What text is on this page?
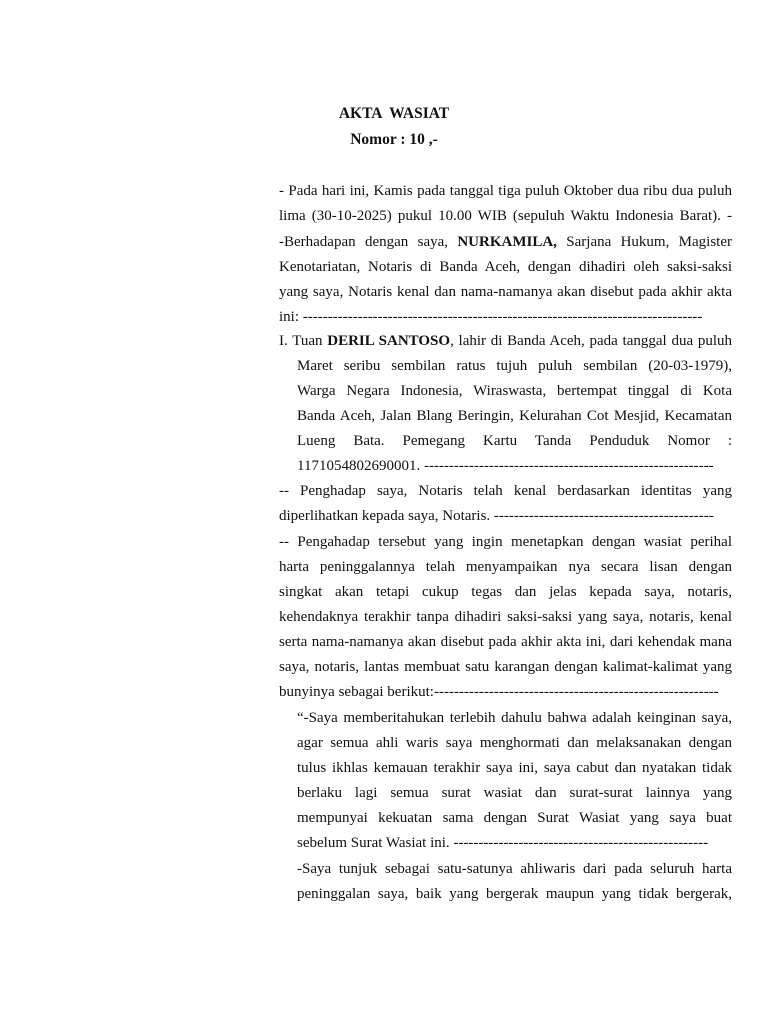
AKTA  WASIAT
Nomor : 10 ,-
- Pada hari ini, Kamis pada tanggal tiga puluh Oktober dua ribu dua puluh
lima (30-10-2025) pukul 10.00 WIB (sepuluh Waktu Indonesia Barat). -
-Berhadapan dengan saya, NURKAMILA, Sarjana Hukum, Magister
Kenotariatan, Notaris di Banda Aceh, dengan dihadiri oleh saksi-saksi
yang saya, Notaris kenal dan nama-namanya akan disebut pada akhir akta
ini: --------------------------------------------------------------------------------
I. Tuan DERIL SANTOSO, lahir di Banda Aceh, pada tanggal dua puluh
Maret seribu sembilan ratus tujuh puluh sembilan (20-03-1979),
Warga Negara Indonesia, Wiraswasta, bertempat tinggal di Kota
Banda Aceh, Jalan Blang Beringin, Kelurahan Cot Mesjid, Kecamatan
Lueng Bata. Pemegang Kartu Tanda Penduduk Nomor :
1171054802690001. ----------------------------------------------------------
-- Penghadap saya, Notaris telah kenal berdasarkan identitas yang
diperlihatkan kepada saya, Notaris. --------------------------------------------
-- Pengahadap tersebut yang ingin menetapkan dengan wasiat perihal
harta peninggalannya telah menyampaikan nya secara lisan dengan
singkat akan tetapi cukup tegas dan jelas kepada saya, notaris,
kehendaknya terakhir tanpa dihadiri saksi-saksi yang saya, notaris, kenal
serta nama-namanya akan disebut pada akhir akta ini, dari kehendak mana
saya, notaris, lantas membuat satu karangan dengan kalimat-kalimat yang
bunyinya sebagai berikut:---------------------------------------------------------
“-Saya memberitahukan terlebih dahulu bahwa adalah keinginan saya,
agar semua ahli waris saya menghormati dan melaksanakan dengan
tulus ikhlas kemauan terakhir saya ini, saya cabut dan nyatakan tidak
berlaku lagi semua surat wasiat dan surat-surat lainnya yang
mempunyai kekuatan sama dengan Surat Wasiat yang saya buat
sebelum Surat Wasiat ini. ---------------------------------------------------
-Saya tunjuk sebagai satu-satunya ahliwaris dari pada seluruh harta
peninggalan saya, baik yang bergerak maupun yang tidak bergerak,
